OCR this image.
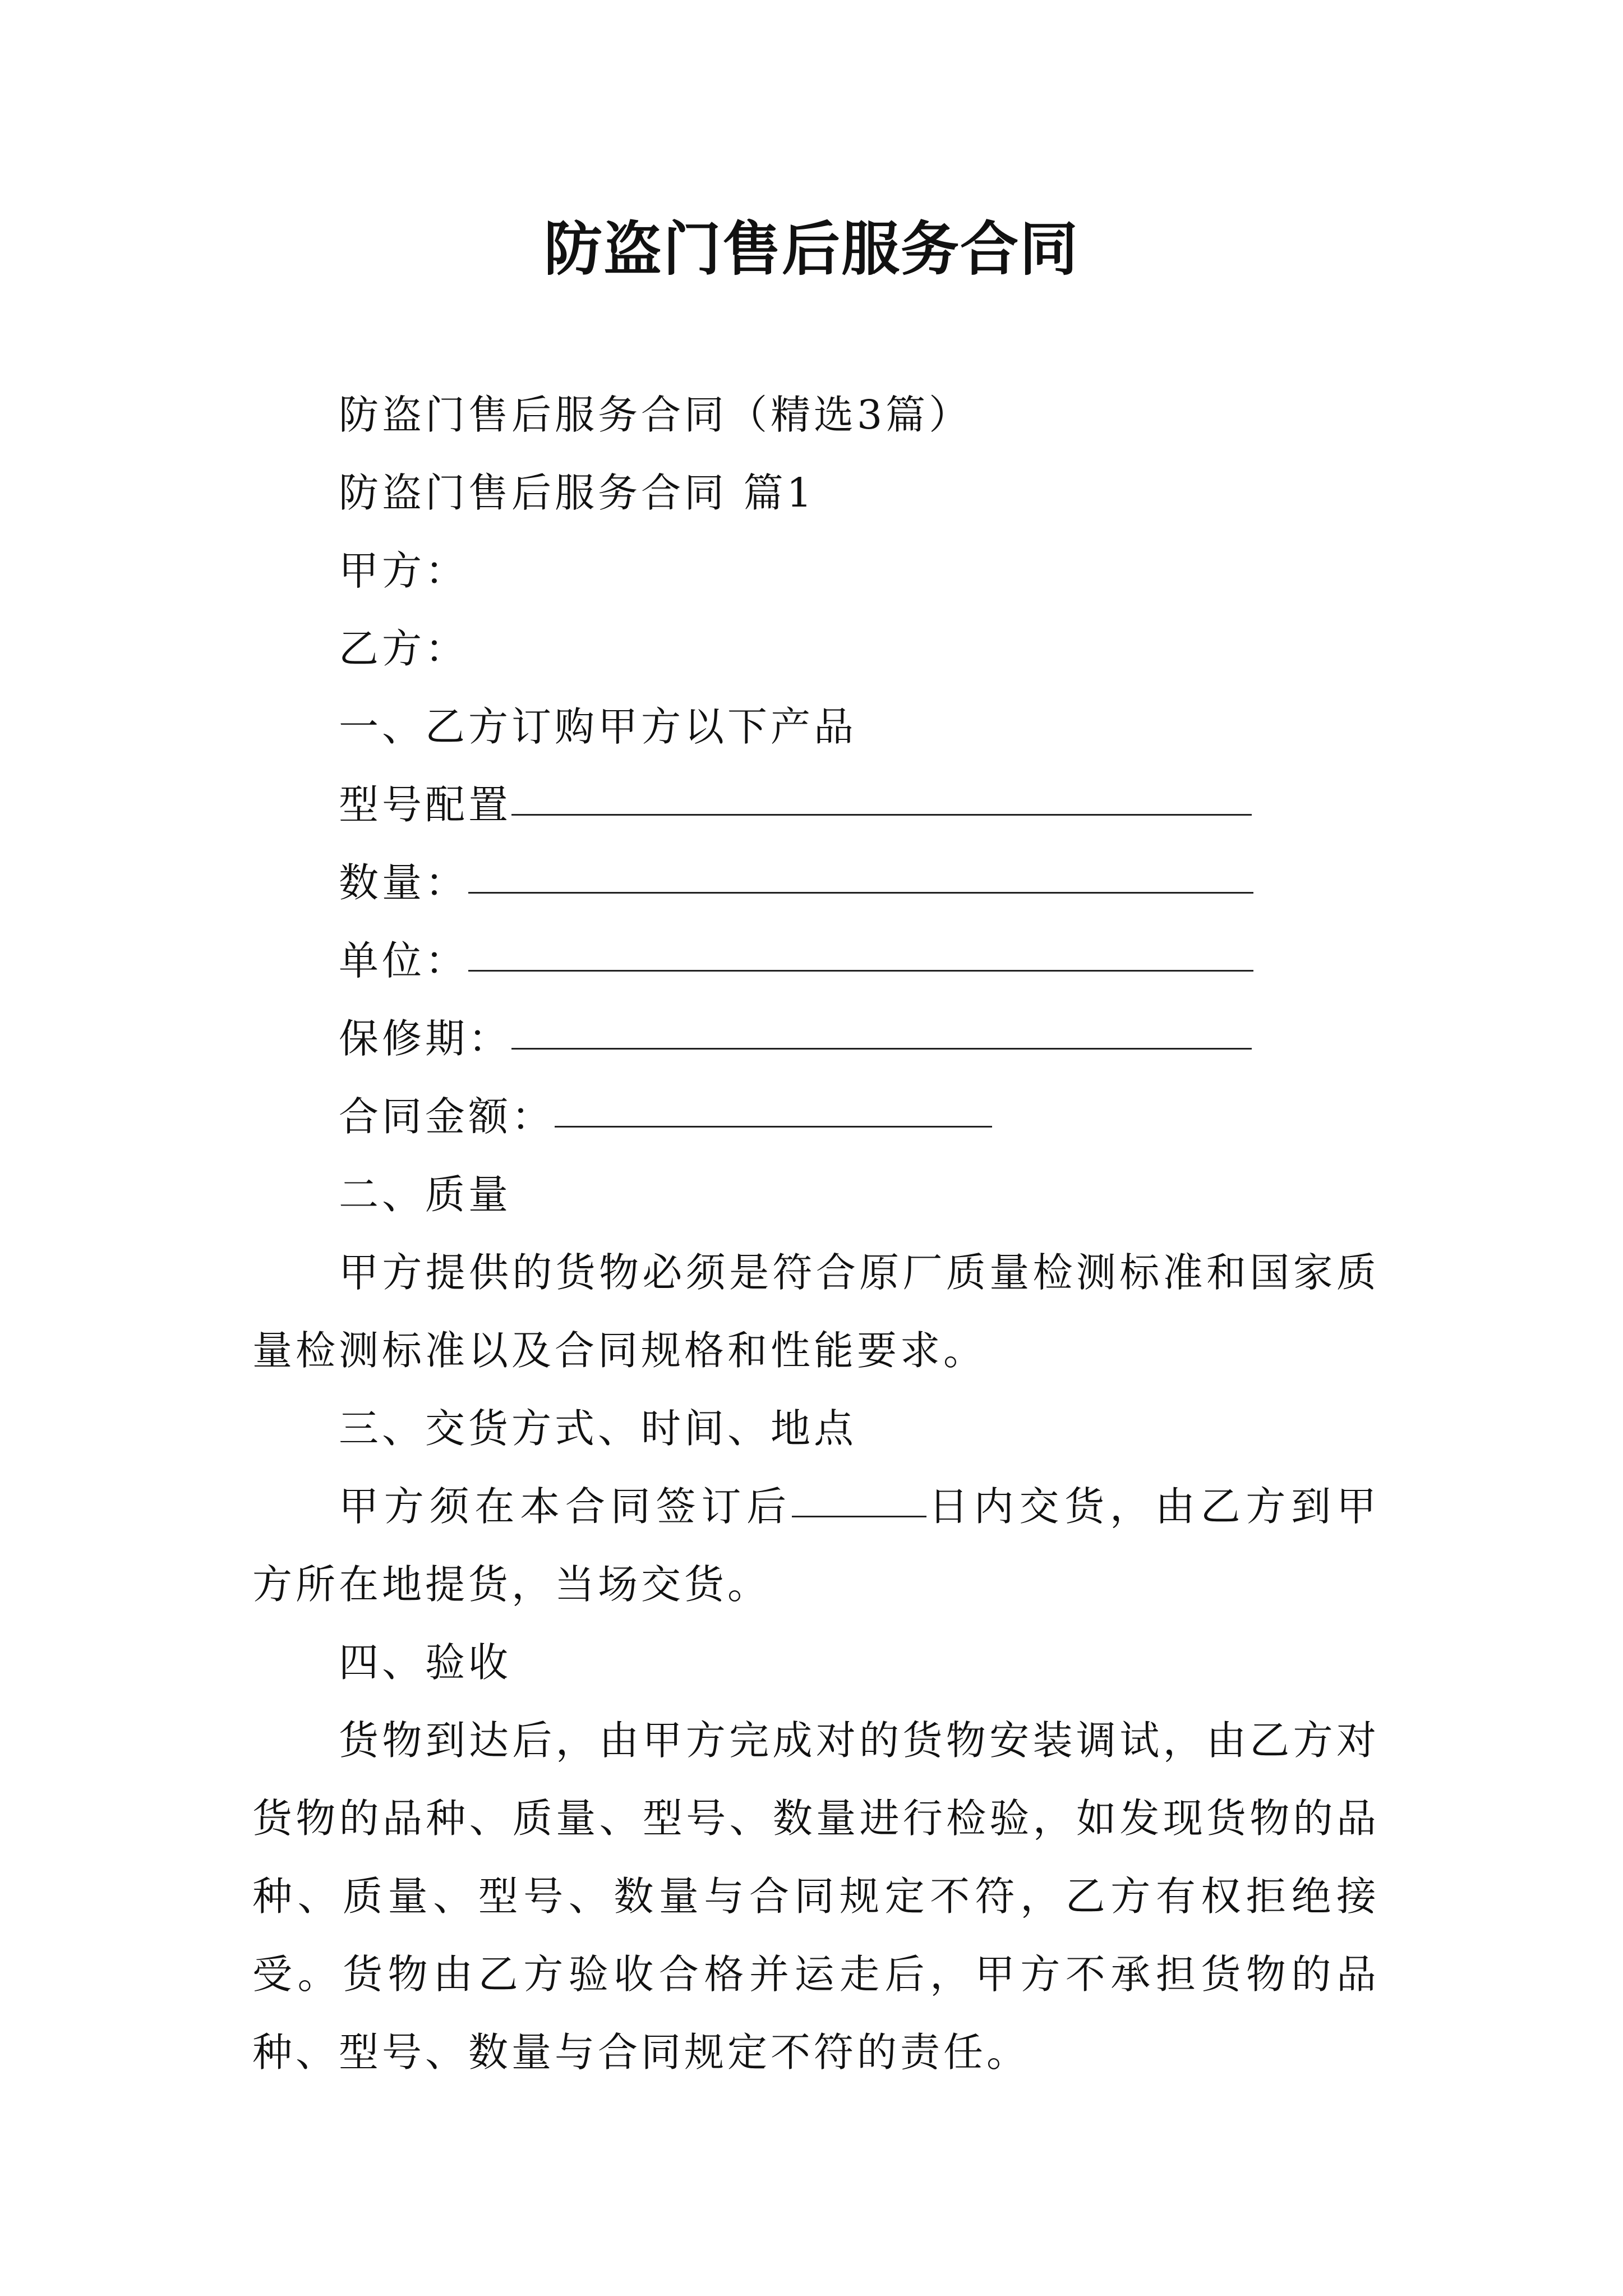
防盗门售后服务合同
防盗门售后服务合同（精选3篇）
防盗门售后服务合同 篇1
甲方：
乙方：
一、乙方订购甲方以下产品
型号配置
数量：
单位：
保修期：
合同金额：
二、质量

甲方提供的货物必须是符合原厂质量检测标准和国家质量检测标准以及合同规格和性能要求。

三、交货方式、时间、地点

甲方须在本合同签订后	日内交货，由乙方到甲方所在地提货，当场交货。

四、验收

货物到达后，由甲方完成对的货物安装调试，由乙方对货物的品种、质量、型号、数量进行检验，如发现货物的品种、质量、型号、数量与合同规定不符，乙方有权拒绝接受。货物由乙方验收合格并运走后，甲方不承担货物的品种、型号、数量与合同规定不符的责任。
